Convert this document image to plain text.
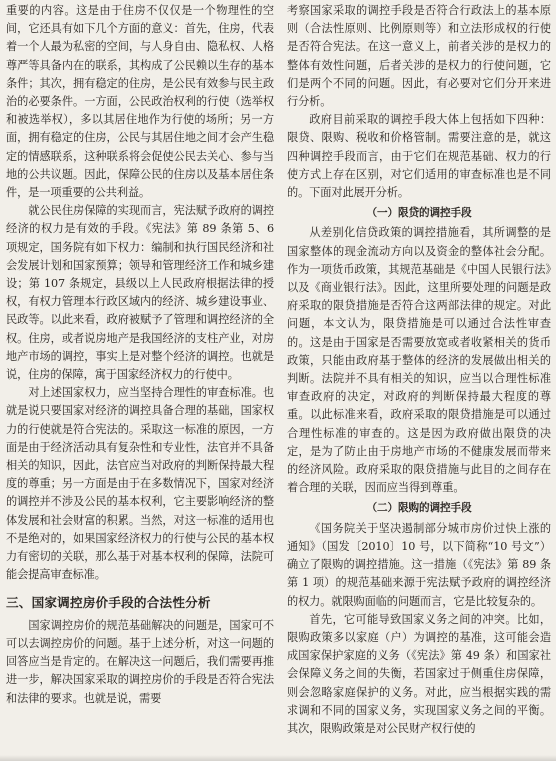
重要的内容。这是由于住房不仅仅是一个物理性的空间，它还具有如下几个方面的意义：首先，住房，代表着一个人最为私密的空间，与人身自由、隐私权、人格尊严等具备内在的联系，其构成了公民赖以生存的基本条件；其次，拥有稳定的住房，是公民有效参与民主政治的必要条件。一方面，公民政治权利的行使（选举权和被选举权），多以其居住地作为行使的场所；另一方面，拥有稳定的住房，公民与其居住地之间才会产生稳定的情感联系，这种联系将会促使公民去关心、参与当地的公共议题。因此，保障公民的住房以及基本居住条件，是一项重要的公共利益。

就公民住房保障的实现而言，宪法赋予政府的调控经济的权力是有效的手段。《宪法》第 89 条第 5、6 项规定，国务院有如下权力：编制和执行国民经济和社会发展计划和国家预算；领导和管理经济工作和城乡建设；第 107 条规定，县级以上人民政府根据法律的授权，有权力管理本行政区域内的经济、城乡建设事业、民政等。以此来看，政府被赋予了管理和调控经济的全权。住房，或者说房地产是我国经济的支柱产业，对房地产市场的调控，事实上是对整个经济的调控。也就是说，住房的保障，寓于国家经济权力的行使中。

对上述国家权力，应当坚持合理性的审查标准。也就是说只要国家对经济的调控具备合理的基础，国家权力的行使就是符合宪法的。采取这一标准的原因，一方面是由于经济活动具有复杂性和专业性，法官并不具备相关的知识，因此，法官应当对政府的判断保持最大程度的尊重；另一方面是由于在多数情况下，国家对经济的调控并不涉及公民的基本权利，它主要影响经济的整体发展和社会财富的积累。当然，对这一标准的适用也不是绝对的，如果国家经济权力的行使与公民的基本权力有密切的关联，那么基于对基本权利的保障，法院可能会提高审查标准。

三、国家调控房价手段的合法性分析

国家调控房价的规范基础解决的问题是，国家可不可以去调控房价的问题。基于上述分析，对这一问题的回答应当是肯定的。在解决这一问题后，我们需要再推进一步，解决国家采取的调控房价的手段是否符合宪法和法律的要求。也就是说，需要

考察国家采取的调控手段是否符合行政法上的基本原则（合法性原则、比例原则等）和立法形成权的行使是否符合宪法。在这一意义上，前者关涉的是权力的整体有效性问题，后者关涉的是权力的行使问题，它们是两个不同的问题。因此，有必要对它们分开来进行分析。

政府目前采取的调控手段大体上包括如下四种：限贷、限购、税收和价格管制。需要注意的是，就这四种调控手段而言，由于它们在规范基础、权力的行使方式上存在区别，对它们适用的审查标准也是不同的。下面对此展开分析。

（一）限贷的调控手段

从差别化信贷政策的调控措施看，其所调整的是国家整体的现金流动方向以及资金的整体社会分配。作为一项货币政策，其规范基础是《中国人民银行法》以及《商业银行法》。因此，这里所要处理的问题是政府采取的限贷措施是否符合这两部法律的规定。对此问题，本文认为，限贷措施是可以通过合法性审查的。这是由于国家是否需要放宽或者收紧相关的货币政策，只能由政府基于整体的经济的发展做出相关的判断。法院并不具有相关的知识，应当以合理性标准审查政府的决定，对政府的判断保持最大程度的尊重。以此标准来看，政府采取的限贷措施是可以通过合理性标准的审查的。这是因为政府做出限贷的决定，是为了防止由于房地产市场的不健康发展而带来的经济风险。政府采取的限贷措施与此目的之间存在着合理的关联，因而应当得到尊重。

（二）限购的调控手段

《国务院关于坚决遏制部分城市房价过快上涨的通知》（国发〔2010〕10 号，以下简称“10 号文”）确立了限购的调控措施。这一措施（《宪法》第 89 条第 1 项）的规范基础来源于宪法赋予政府的调控经济的权力。就限购面临的问题而言，它是比较复杂的。

首先，它可能导致国家义务之间的冲突。比如，限购政策多以家庭（户）为调控的基准，这可能会造成国家保护家庭的义务（《宪法》第 49 条）和国家社会保障义务之间的失衡，若国家过于侧重住房保障，则会忽略家庭保护的义务。对此，应当根据实践的需求调和不同的国家义务，实现国家义务之间的平衡。其次，限购政策是对公民财产权行使的
